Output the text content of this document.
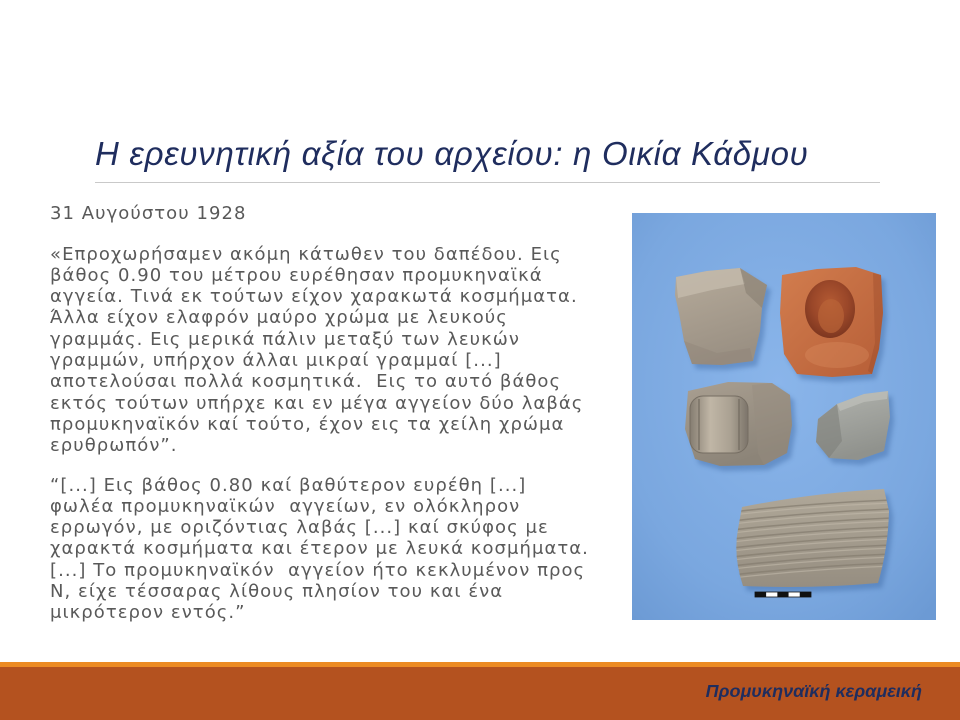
Η ερευνητική αξία του αρχείου: η Οικία Κάδμου
31 Αυγούστου 1928
«Επροχωρήσαμεν ακόμη κάτωθεν του δαπέδου. Εις
βάθος 0.90 του μέτρου ευρέθησαν προμυκηναϊκά
αγγεία. Τινά εκ τούτων είχον χαρακωτά κοσμήματα.
Άλλα είχον ελαφρόν μαύρο χρώμα με λευκούς
γραμμάς. Εις μερικά πάλιν μεταξύ των λευκών
γραμμών, υπήρχον άλλαι μικραί γραμμαί [...]
αποτελούσαι πολλά κοσμητικά.  Εις το αυτό βάθος
εκτός τούτων υπήρχε και εν μέγα αγγείον δύο λαβάς
προμυκηναϊκόν καί τούτο, έχον εις τα χείλη χρώμα
ερυθρωπόν”.
“[...] Εις βάθος 0.80 καί βαθύτερον ευρέθη [...]
φωλέα προμυκηναϊκών  αγγείων, εν ολόκληρον
ερρωγόν, με οριζόντιας λαβάς [...] καί σκύφος με
χαρακτά κοσμήματα και έτερον με λευκά κοσμήματα.
[...] Το προμυκηναϊκόν  αγγείον ήτο κεκλυμένον προς
Ν, είχε τέσσαρας λίθους πλησίον του και ένα
μικρότερον εντός.”
Προμυκηναϊκή κεραμεική
